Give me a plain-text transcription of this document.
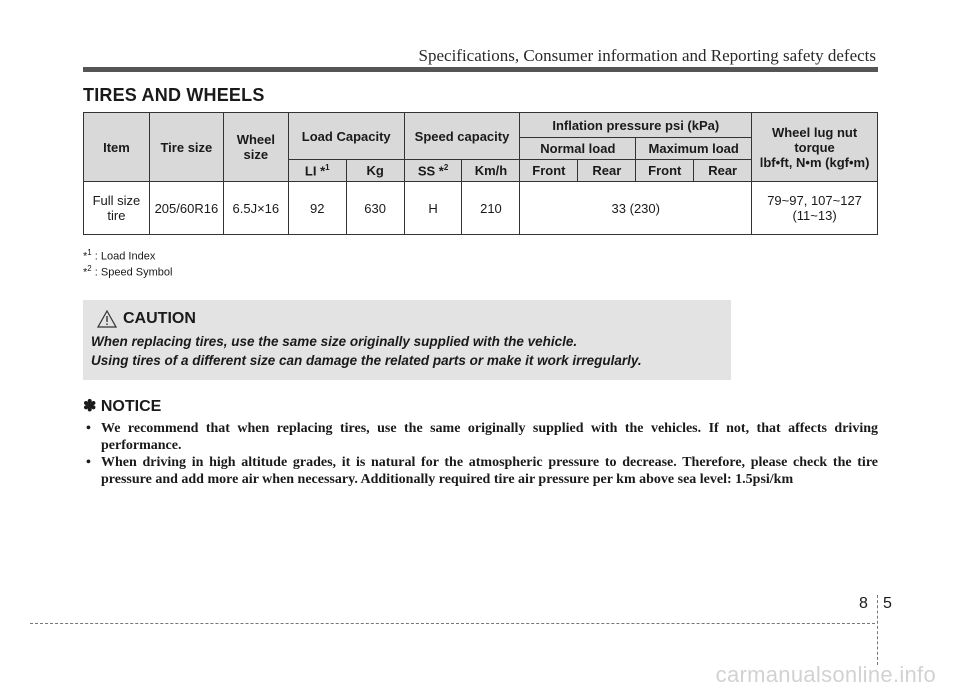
Specifications, Consumer information and Reporting safety defects
TIRES AND WHEELS
Item	Tire size	Wheel size	Load Capacity		Speed capacity		Inflation pressure psi (kPa)				Wheel lug nut torque
lbf•ft, N•m (kgf•m)

							Normal load		Maximum load		
			LI *$^1$	Kg	SS *$^2$	Km/h	Front	Rear	Front	Rear	
Full size tire	205/60R16	6.5J×16	92	630	H	210	33 (230)				79~97, 107~127 (11~13)
*$^1$ : Load Index
*$^2$ : Speed Symbol
CAUTION
When replacing tires, use the same size originally supplied with the vehicle.
Using tires of a different size can damage the related parts or make it work irregularly.
✽ NOTICE
• We recommend that when replacing tires, use the same originally supplied with the vehicles. If not, that affects driving performance.
• When driving in high altitude grades, it is natural for the atmospheric pressure to decrease. Therefore, please check the tire pressure and add more air when necessary. Additionally required tire air pressure per km above sea level: 1.5psi/km
8 5
carmanualsonline.info
